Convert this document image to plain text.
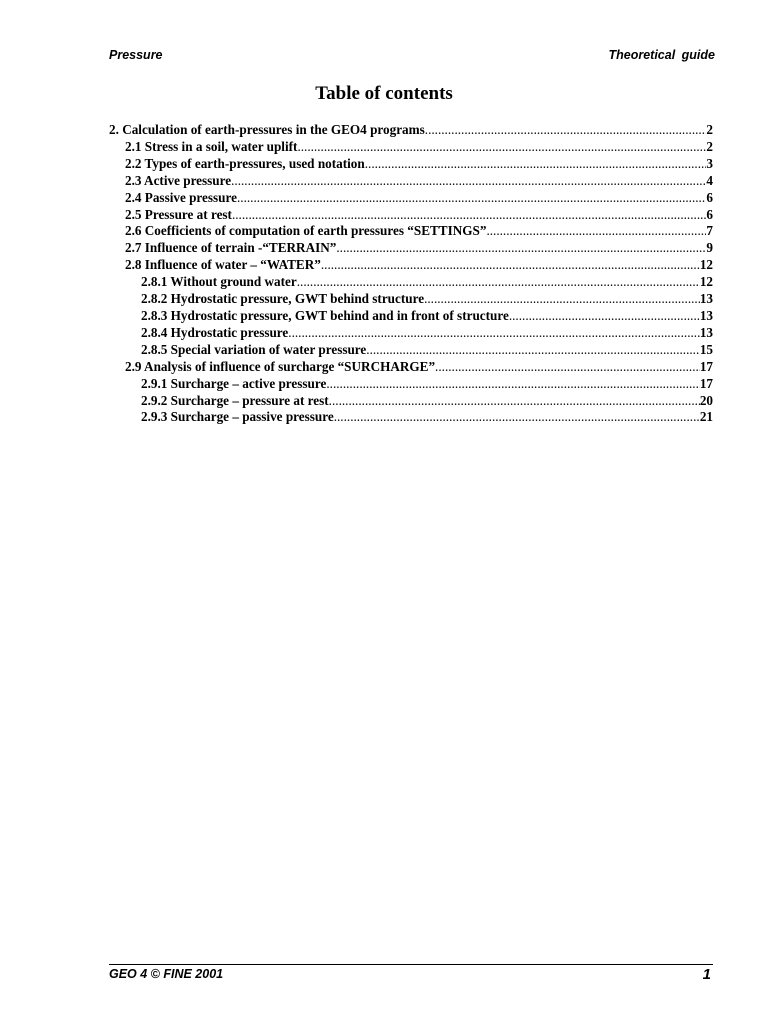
Pressure	Theoretical guide
Table of contents
2. Calculation of earth-pressures in the GEO4 programs .....	2
2.1 Stress in a soil, water uplift .....	2
2.2 Types of earth-pressures, used notation .....	3
2.3 Active pressure .....	4
2.4 Passive pressure .....	6
2.5 Pressure at rest .....	6
2.6 Coefficients of computation of earth pressures “SETTINGS” .....	7
2.7 Influence of terrain -“TERRAIN” .....	9
2.8 Influence of water – “WATER” .....	12
2.8.1 Without ground water .....	12
2.8.2 Hydrostatic pressure, GWT behind structure .....	13
2.8.3 Hydrostatic pressure, GWT behind and in front of structure .....	13
2.8.4 Hydrostatic pressure .....	13
2.8.5 Special variation of water pressure .....	15
2.9 Analysis of influence of surcharge “SURCHARGE” .....	17
2.9.1 Surcharge – active pressure .....	17
2.9.2 Surcharge – pressure at rest .....	20
2.9.3 Surcharge – passive pressure .....	21
GEO 4 © FINE 2001	1
